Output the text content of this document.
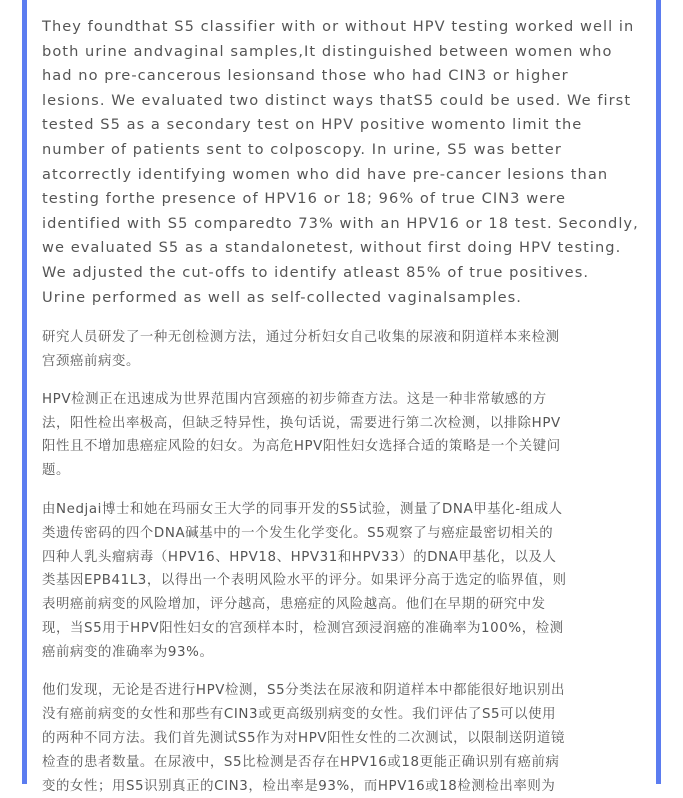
They foundthat S5 classifier with or without HPV testing worked well in
both urine andvaginal samples,It distinguished between women who
had no pre-cancerous lesionsand those who had CIN3 or higher
lesions. We evaluated two distinct ways thatS5 could be used. We first
tested S5 as a secondary test on HPV positive womento limit the
number of patients sent to colposcopy. In urine, S5 was better
atcorrectly identifying women who did have pre-cancer lesions than
testing forthe presence of HPV16 or 18; 96% of true CIN3 were
identified with S5 comparedto 73% with an HPV16 or 18 test. Secondly,
we evaluated S5 as a standalonetest, without first doing HPV testing.
We adjusted the cut-offs to identify atleast 85% of true positives.
Urine performed as well as self-collected vaginalsamples.

研究人员研发了一种无创检测方法，通过分析妇女自己收集的尿液和阴道样本来检测
宫颈癌前病变。

HPV检测正在迅速成为世界范围内宫颈癌的初步筛查方法。这是一种非常敏感的方
法，阳性检出率极高，但缺乏特异性，换句话说，需要进行第二次检测，以排除HPV
阳性且不增加患癌症风险的妇女。为高危HPV阳性妇女选择合适的策略是一个关键问
题。

由Nedjai博士和她在玛丽女王大学的同事开发的S5试验，测量了DNA甲基化-组成人
类遗传密码的四个DNA碱基中的一个发生化学变化。S5观察了与癌症最密切相关的
四种人乳头瘤病毒（HPV16、HPV18、HPV31和HPV33）的DNA甲基化，以及人
类基因EPB41L3，以得出一个表明风险水平的评分。如果评分高于选定的临界值，则
表明癌前病变的风险增加，评分越高，患癌症的风险越高。他们在早期的研究中发
现，当S5用于HPV阳性妇女的宫颈样本时，检测宫颈浸润癌的准确率为100%，检测
癌前病变的准确率为93%。

他们发现，无论是否进行HPV检测，S5分类法在尿液和阴道样本中都能很好地识别出
没有癌前病变的女性和那些有CIN3或更高级别病变的女性。我们评估了S5可以使用
的两种不同方法。我们首先测试S5作为对HPV阳性女性的二次测试，以限制送阴道镜
检查的患者数量。在尿液中，S5比检测是否存在HPV16或18更能正确识别有癌前病
变的女性；用S5识别真正的CIN3，检出率是93%，而HPV16或18检测检出率则为
